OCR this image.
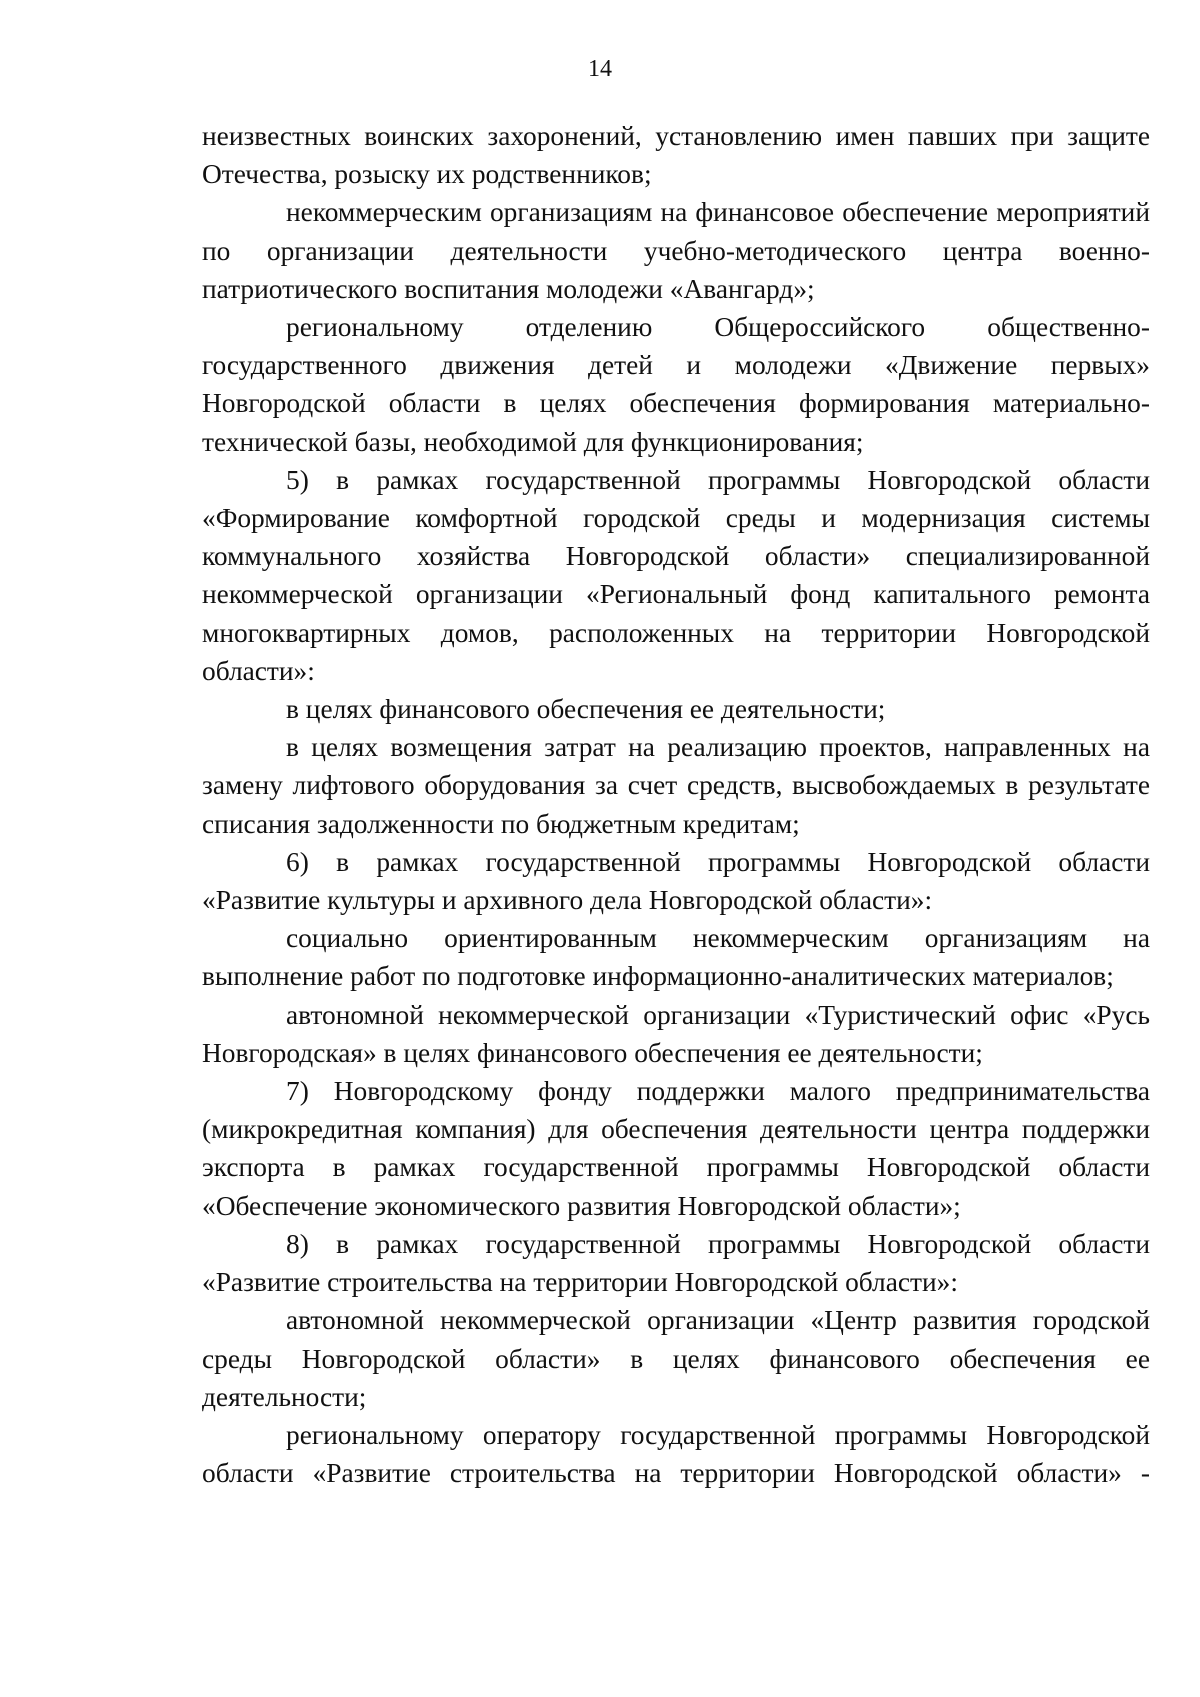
14

неизвестных воинских захоронений, установлению имен павших при защите Отечества, розыску их родственников;

некоммерческим организациям на финансовое обеспечение мероприятий по организации деятельности учебно-методического центра военно-патриотического воспитания молодежи «Авангард»;

региональному отделению Общероссийского общественно-государственного движения детей и молодежи «Движение первых» Новгородской области в целях обеспечения формирования материально-технической базы, необходимой для функционирования;

5) в рамках государственной программы Новгородской области «Формирование комфортной городской среды и модернизация системы коммунального хозяйства Новгородской области» специализированной некоммерческой организации «Региональный фонд капитального ремонта многоквартирных домов, расположенных на территории Новгородской области»:

в целях финансового обеспечения ее деятельности;

в целях возмещения затрат на реализацию проектов, направленных на замену лифтового оборудования за счет средств, высвобождаемых в результате списания задолженности по бюджетным кредитам;

6) в рамках государственной программы Новгородской области «Развитие культуры и архивного дела Новгородской области»:

социально ориентированным некоммерческим организациям на выполнение работ по подготовке информационно-аналитических материалов;

автономной некоммерческой организации «Туристический офис «Русь Новгородская» в целях финансового обеспечения ее деятельности;

7) Новгородскому фонду поддержки малого предпринимательства (микрокредитная компания) для обеспечения деятельности центра поддержки экспорта в рамках государственной программы Новгородской области «Обеспечение экономического развития Новгородской области»;

8) в рамках государственной программы Новгородской области «Развитие строительства на территории Новгородской области»:

автономной некоммерческой организации «Центр развития городской среды Новгородской области» в целях финансового обеспечения ее деятельности;

региональному оператору государственной программы Новгородской области «Развитие строительства на территории Новгородской области» -
